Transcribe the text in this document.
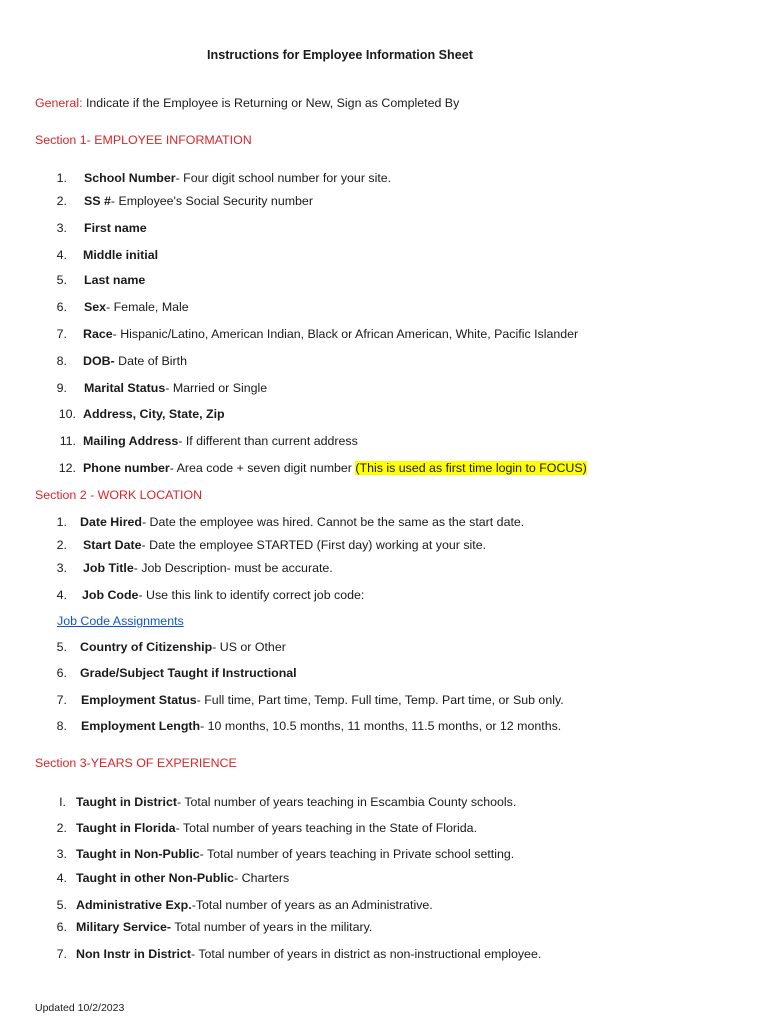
Instructions for Employee Information Sheet
General: Indicate if the Employee is Returning or New, Sign as Completed By
Section 1- EMPLOYEE INFORMATION
1. School Number- Four digit school number for your site.
2. SS #- Employee's Social Security number
3. First name
4. Middle initial
5. Last name
6. Sex- Female, Male
7. Race- Hispanic/Latino, American Indian, Black or African American, White, Pacific Islander
8. DOB- Date of Birth
9. Marital Status- Married or Single
10. Address, City, State, Zip
11. Mailing Address- If different than current address
12. Phone number- Area code + seven digit number (This is used as first time login to FOCUS)
Section 2 - WORK LOCATION
1. Date Hired- Date the employee was hired. Cannot be the same as the start date.
2. Start Date- Date the employee STARTED (First day) working at your site.
3. Job Title- Job Description- must be accurate.
4. Job Code- Use this link to identify correct job code:
Job Code Assignments
5. Country of Citizenship- US or Other
6. Grade/Subject Taught if Instructional
7. Employment Status- Full time, Part time, Temp. Full time, Temp. Part time, or Sub only.
8. Employment Length- 10 months, 10.5 months, 11 months, 11.5 months, or 12 months.
Section 3-YEARS OF EXPERIENCE
I. Taught in District- Total number of years teaching in Escambia County schools.
2. Taught in Florida- Total number of years teaching in the State of Florida.
3. Taught in Non-Public- Total number of years teaching in Private school setting.
4. Taught in other Non-Public- Charters
5. Administrative Exp.-Total number of years as an Administrative.
6. Military Service- Total number of years in the military.
7. Non Instr in District- Total number of years in district as non-instructional employee.
Updated 10/2/2023
